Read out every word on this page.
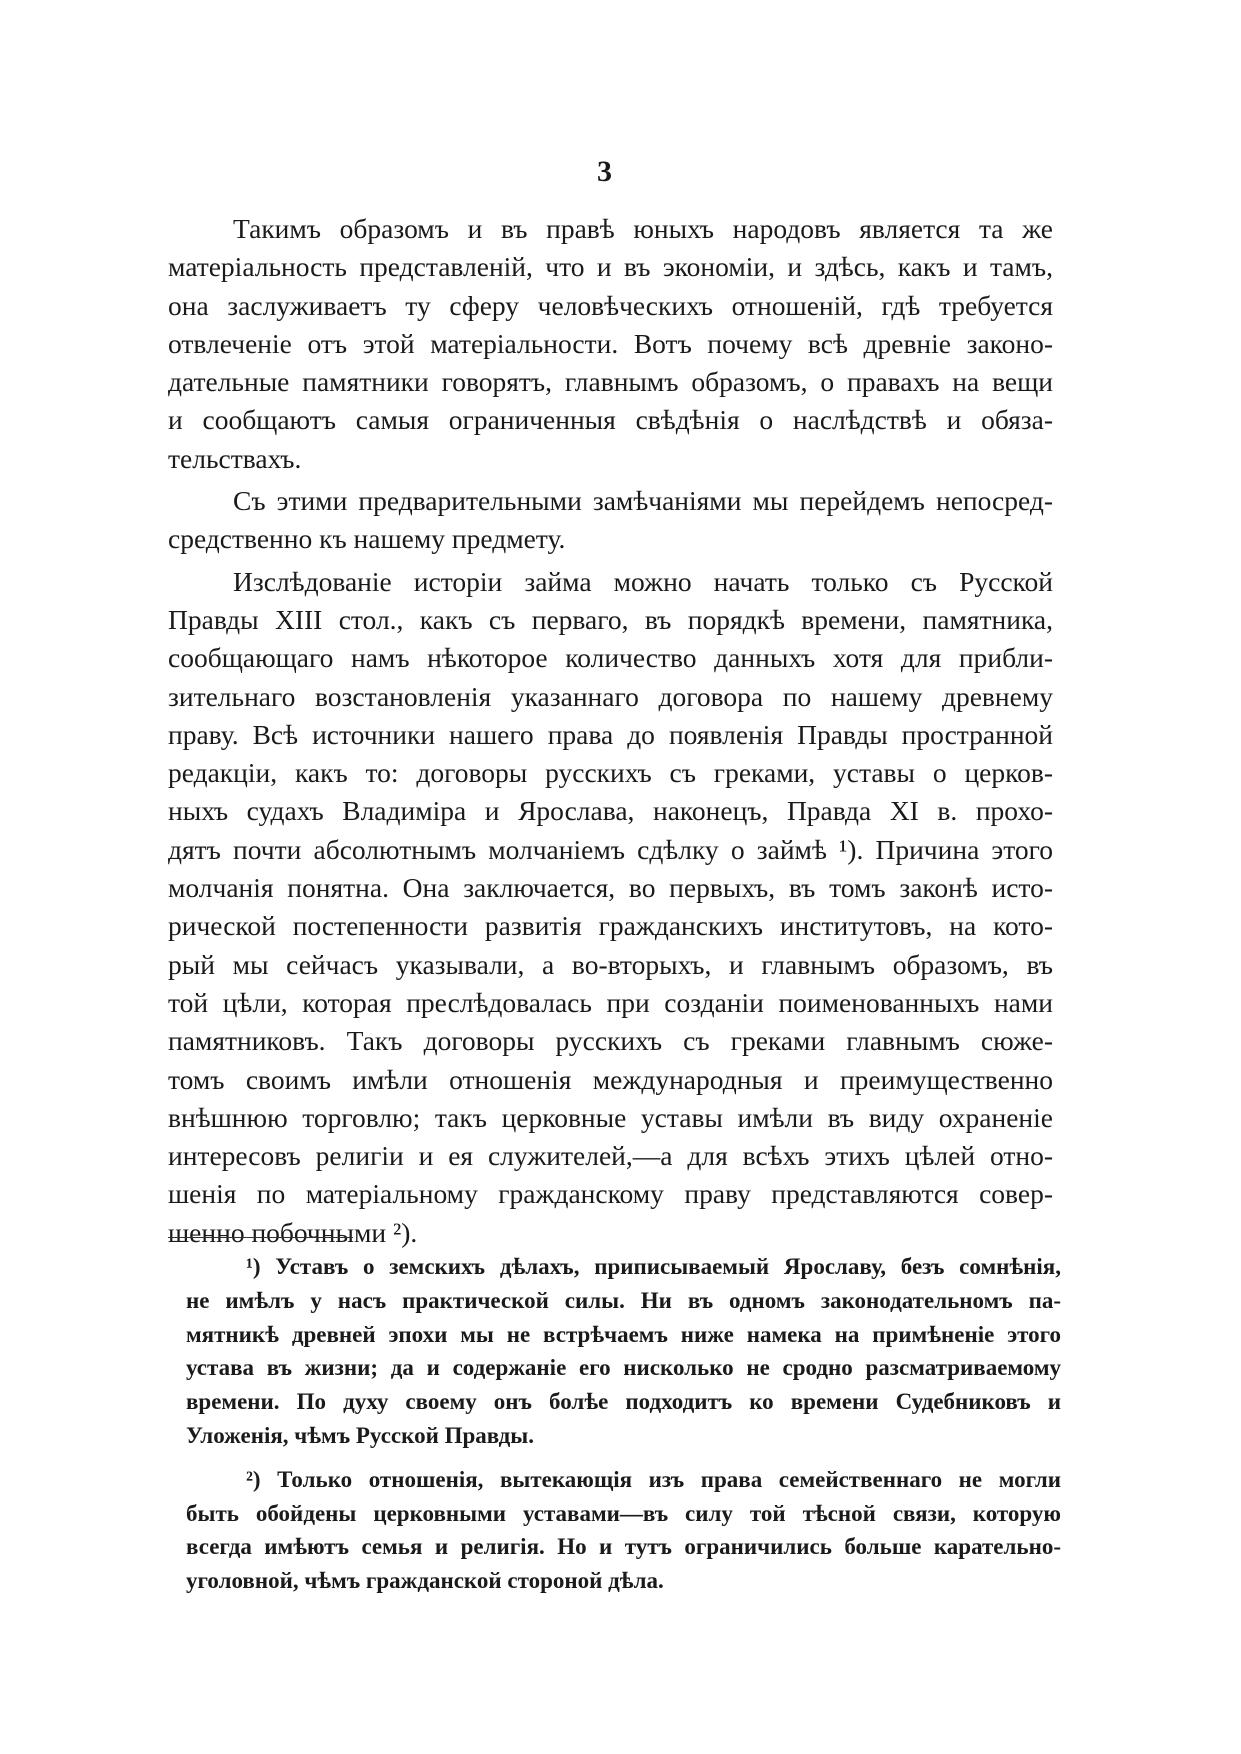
3
Такимъ образомъ и въ правѣ юныхъ народовъ является та же
матеріальность представленій, что и въ экономіи, и здѣсь, какъ и тамъ,
она заслуживаетъ ту сферу человѣческихъ отношеній, гдѣ требуется
отвлеченіе отъ этой матеріальности. Вотъ почему всѣ древніе законо-
дательные памятники говорятъ, главнымъ образомъ, о правахъ на вещи
и сообщаютъ самыя ограниченныя свѣдѣнія о наслѣдствѣ и обяза-
тельствахъ.
Съ этими предварительными замѣчаніями мы перейдемъ непосред-
средственно къ нашему предмету.
Изслѣдованіе исторіи займа можно начать только съ Русской
Правды XIII стол., какъ съ перваго, въ порядкѣ времени, памятника,
сообщающаго намъ нѣкоторое количество данныхъ хотя для прибли-
зительнаго возстановленія указаннаго договора по нашему древнему
праву. Всѣ источники нашего права до появленія Правды пространной
редакціи, какъ то: договоры русскихъ съ греками, уставы о церков-
ныхъ судахъ Владиміра и Ярослава, наконецъ, Правда XI в. прохо-
дятъ почти абсолютнымъ молчаніемъ сдѣлку о займѣ ¹). Причина этого
молчанія понятна. Она заключается, во первыхъ, въ томъ законѣ исто-
рической постепенности развитія гражданскихъ институтовъ, на кото-
рый мы сейчасъ указывали, а во-вторыхъ, и главнымъ образомъ, въ
той цѣли, которая преслѣдовалась при созданіи поименованныхъ нами
памятниковъ. Такъ договоры русскихъ съ греками главнымъ сюже-
томъ своимъ имѣли отношенія международныя и преимущественно
внѣшнюю торговлю; такъ церковные уставы имѣли въ виду охраненіе
интересовъ религіи и ея служителей,—а для всѣхъ этихъ цѣлей отно-
шенія по матеріальному гражданскому праву представляются совер-
шенно побочными ²).
¹) Уставъ о земскихъ дѣлахъ, приписываемый Ярославу, безъ сомнѣнія,
не имѣлъ у насъ практической силы. Ни въ одномъ законодательномъ па-
мятникѣ древней эпохи мы не встрѣчаемъ ниже намека на примѣненіе этого
устава въ жизни; да и содержаніе его нисколько не сродно разсматриваемому
времени. По духу своему онъ болѣе подходитъ ко времени Судебниковъ и
Уложенія, чѣмъ Русской Правды.
²) Только отношенія, вытекающія изъ права семейственнаго не могли
быть обойдены церковными уставами—въ силу той тѣсной связи, которую
всегда имѣютъ семья и религія. Но и тутъ ограничились больше карательно-
уголовной, чѣмъ гражданской стороной дѣла.
